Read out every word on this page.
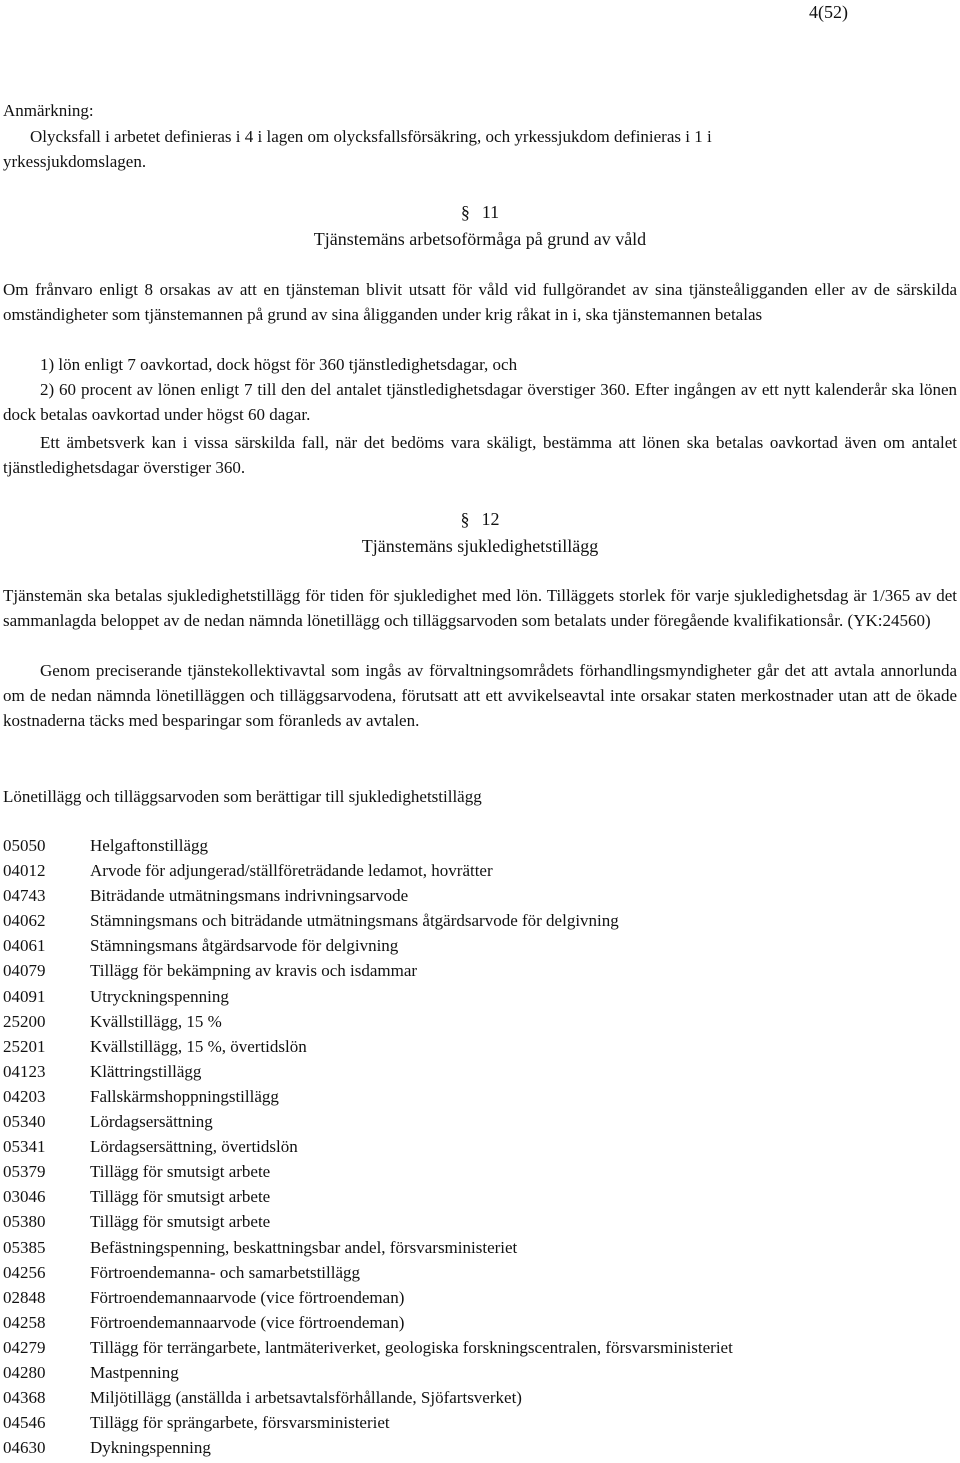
4(52)
Anmärkning:
Olycksfall i arbetet definieras i 4 i lagen om olycksfallsförsäkring, och yrkessjukdom definieras i 1 i
yrkessjukdomslagen.
§ 11
Tjänstemäns arbetsoförmåga på grund av våld
Om frånvaro enligt 8 orsakas av att en tjänsteman blivit utsatt för våld vid fullgörandet av sina tjänsteåligganden eller av de särskilda omständigheter som tjänstemannen på grund av sina åligganden under krig råkat in i, ska tjänstemannen betalas
1) lön enligt 7 oavkortad, dock högst för 360 tjänstledighetsdagar, och
2) 60 procent av lönen enligt 7 till den del antalet tjänstledighetsdagar överstiger 360. Efter ingången av ett nytt kalenderår ska lönen dock betalas oavkortad under högst 60 dagar.
Ett ämbetsverk kan i vissa särskilda fall, när det bedöms vara skäligt, bestämma att lönen ska betalas oavkortad även om antalet tjänstledighetsdagar överstiger 360.
§ 12
Tjänstemäns sjukledighetstillägg
Tjänstemän ska betalas sjukledighetstillägg för tiden för sjukledighet med lön. Tilläggets storlek för varje sjukledighetsdag är 1/365 av det sammanlagda beloppet av de nedan nämnda lönetillägg och tilläggsarvoden som betalats under föregående kvalifikationsår. (YK:24560)
Genom preciserande tjänstekollektivavtal som ingås av förvaltningsområdets förhandlingsmyndigheter går det att avtala annorlunda om de nedan nämnda lönetilläggen och tilläggsarvodena, förutsatt att ett avvikelseavtal inte orsakar staten merkostnader utan att de ökade kostnaderna täcks med besparingar som föranleds av avtalen.
Lönetillägg och tilläggsarvoden som berättigar till sjukledighetstillägg
05050	Helgaftonstillägg
04012	Arvode för adjungerad/ställföreträdande ledamot, hovrätter
04743	Biträdande utmätningsmans indrivningsarvode
04062	Stämningsmans och biträdande utmätningsmans åtgärdsarvode för delgivning
04061	Stämningsmans åtgärdsarvode för delgivning
04079	Tillägg för bekämpning av kravis och isdammar
04091	Utryckningspenning
25200	Kvällstillägg, 15 %
25201	Kvällstillägg, 15 %, övertidslön
04123	Klättringstillägg
04203	Fallskärmshoppningstillägg
05340	Lördagsersättning
05341	Lördagsersättning, övertidslön
05379	Tillägg för smutsigt arbete
03046	Tillägg för smutsigt arbete
05380	Tillägg för smutsigt arbete
05385	Befästningspenning, beskattningsbar andel, försvarsministeriet
04256	Förtroendemanna- och samarbetstillägg
02848	Förtroendemannaarvode (vice förtroendeman)
04258	Förtroendemannaarvode (vice förtroendeman)
04279	Tillägg för terrängarbete, lantmäteriverket, geologiska forskningscentralen, försvarsministeriet
04280	Mastpenning
04368	Miljötillägg (anställda i arbetsavtalsförhållande, Sjöfartsverket)
04546	Tillägg för sprängarbete, försvarsministeriet
04630	Dykningspenning
